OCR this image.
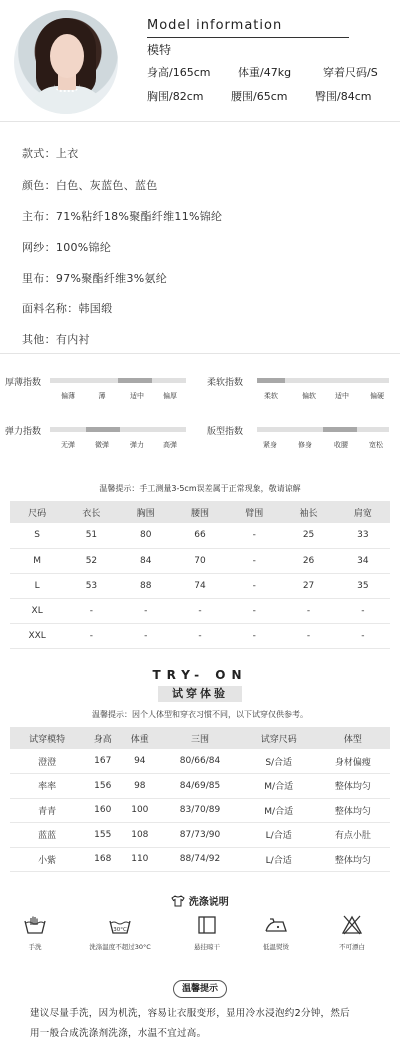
Model information
模特
身高/165cm	体重/47kg	穿着尺码/S
胸围/82cm	腰围/65cm	臀围/84cm
款式：上衣
颜色：白色、灰蓝色、蓝色
主布：71%粘纤18%聚酯纤维11%锦纶
网纱：100%锦纶
里布：97%聚酯纤维3%氨纶
面料名称：韩国缎
其他：有内衬
厚薄指数
偏薄	薄	适中	偏厚
柔软指数
柔软	偏软	适中	偏硬
弹力指数
无弹	微弹	弹力	高弹
版型指数
紧身	修身	收腰	宽松
温馨提示：手工测量3-5cm误差属于正常现象，敬请谅解
尺码	衣长	胸围	腰围	臂围	袖长	肩宽
S	51	80	66	-	25	33
M	52	84	70	-	26	34
L	53	88	74	-	27	35
XL	-	-	-	-	-	-
XXL	-	-	-	-	-	-
TRY- ON
试穿体验
温馨提示：因个人体型和穿衣习惯不同，以下试穿仅供参考。
试穿模特	身高	体重	三围	试穿尺码	体型
澄澄	167	94	80/66/84	S/合适	身材偏瘦
率率	156	98	84/69/85	M/合适	整体均匀
青青	160	100	83/70/89	M/合适	整体均匀
蓝蓝	155	108	87/73/90	L/合适	有点小肚
小紫	168	110	88/74/92	L/合适	整体均匀
洗涤说明
手洗
30°C
洗涤温度不超过30°C	悬挂晾干	低温熨烫	不可漂白
温馨提示
建议尽量手洗，因为机洗，容易让衣服变形，显用冷水浸泡约2分钟，然后
用一般合成洗涤剂洗涤，水温不宜过高。
